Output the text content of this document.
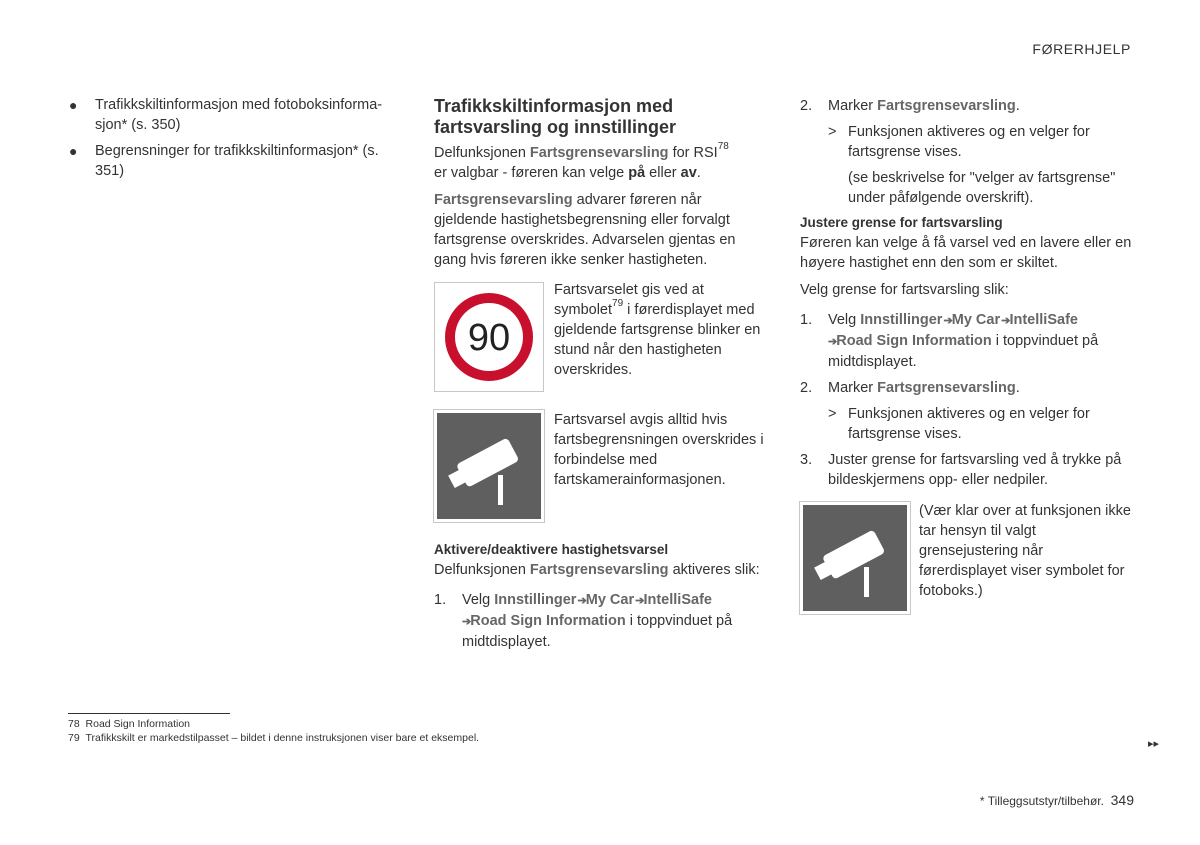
FØRERHJELP
● Trafikkskiltinformasjon med fotoboksinforma-sjon* (s. 350)
● Begrensninger for trafikkskiltinformasjon* (s. 351)
Trafikkskiltinformasjon med fartsvarsling og innstillinger
Delfunksjonen Fartsgrensevarsling for RSI$^{78}$
er valgbar - føreren kan velge på eller av.
Fartsgrensevarsling advarer føreren når gjeldende hastighetsbegrensning eller forvalgt fartsgrense overskrides. Advarselen gjentas en gang hvis føreren ikke senker hastigheten.
90
Fartsvarselet gis ved at symbolet$^{79}$ i førerdisplayet med gjeldende fartsgrense blinker en stund når den hastigheten overskrides.
Fartsvarsel avgis alltid hvis fartsbegrensningen overskrides i forbindelse med fartskamerainformasjonen.
Aktivere/deaktivere hastighetsvarsel
Delfunksjonen Fartsgrensevarsling aktiveres slik:
1. Velg Innstillinger ➔ My Car ➔ IntelliSafe
➔ Road Sign Information i toppvinduet på midtdisplayet.
2. Marker Fartsgrensevarsling.
> Funksjonen aktiveres og en velger for fartsgrense vises.
(se beskrivelse for "velger av fartsgrense" under påfølgende overskrift).
Justere grense for fartsvarsling
Føreren kan velge å få varsel ved en lavere eller en høyere hastighet enn den som er skiltet.
Velg grense for fartsvarsling slik:
1. Velg Innstillinger ➔ My Car ➔ IntelliSafe
➔ Road Sign Information i toppvinduet på midtdisplayet.
2. Marker Fartsgrensevarsling.
> Funksjonen aktiveres og en velger for fartsgrense vises.
3. Juster grense for fartsvarsling ved å trykke på bildeskjermens opp- eller nedpiler.
(Vær klar over at funksjonen ikke tar hensyn til valgt grensejustering når førerdisplayet viser symbolet for fotoboks.)
78 Road Sign Information
79 Trafikkskilt er markedstilpasset – bildet i denne instruksjonen viser bare et eksempel.	▸▸
* Tilleggsutstyr/tilbehør. 349
